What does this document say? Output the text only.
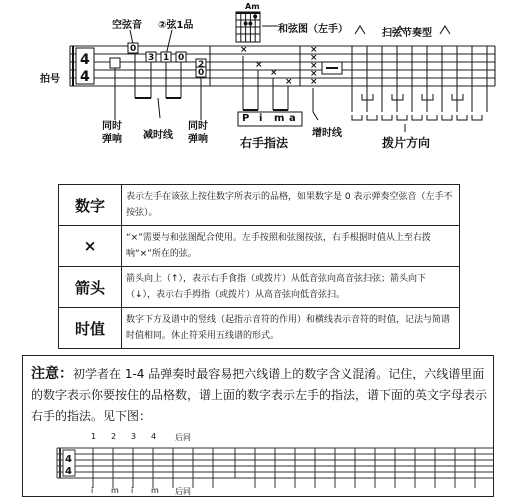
空弦音 ②弦1品
Am
和弦图（左手）	扫弦节奏型
拍号
4
4
0
3 1 0
2
0
×
×
×
×
×
×
×
×
×
P i m a
同时弹响	减时线
同时弹响	右手指法
增时线
拨片方向
数字	表示左手在该弦上按住数字所表示的品格，如果数字是 0 表示弹奏空弦音（左手不按弦）。
×	“×”需要与和弦图配合使用。左手按照和弦图按弦，右手根据时值从上至右拨响“×”所在的弦。
箭头	箭头向上（↑），表示右手食指（或拨片）从低音弦向高音弦扫弦；箭头向下（↓），表示右手拇指（或拨片）从高音弦向低音弦扫。
时值	数字下方及谱中的竖线（起指示音符的作用）和横线表示音符的时值，记法与简谱时值相同。休止符采用五线谱的形式。
注意：初学者在 1-4 品弹奏时最容易把六线谱上的数字含义混淆。记住，六线谱里面的数字表示你要按住的品格数，谱上面的数字表示左手的指法，谱下面的英文字母表示右手的指法。见下图：
1 2 3 4 后同
4
4
i m i m 后同
